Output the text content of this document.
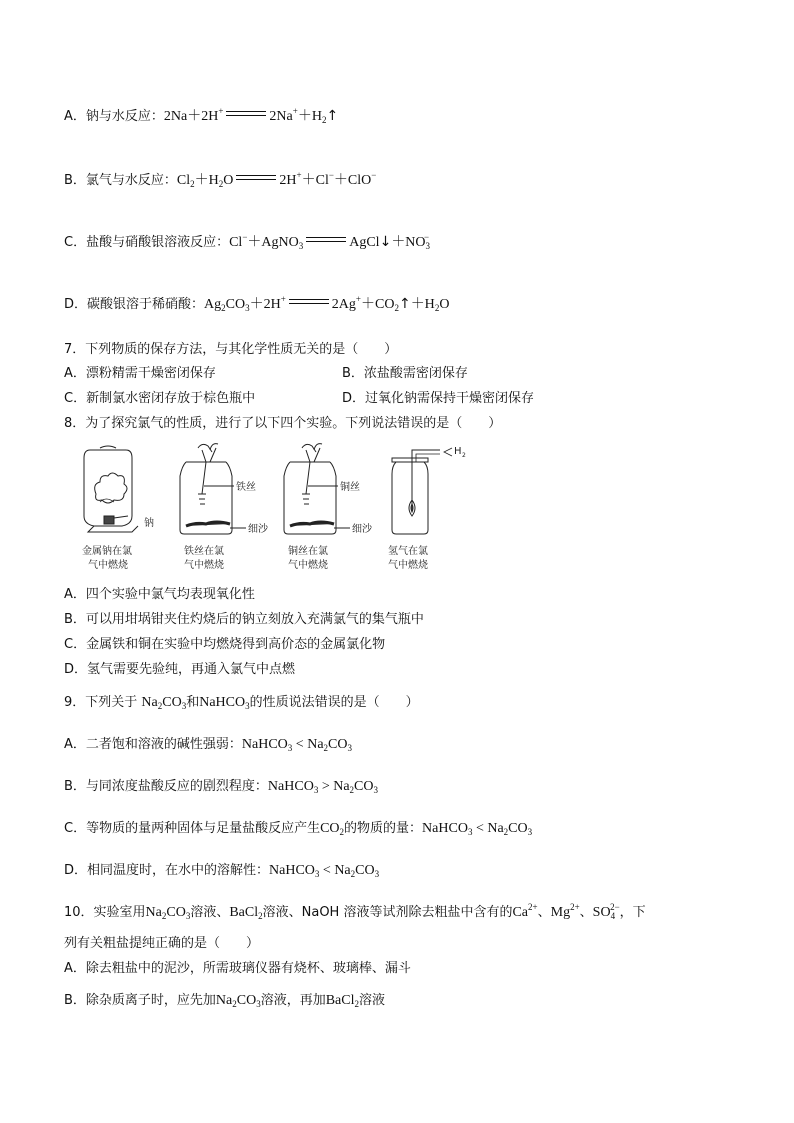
A．钠与水反应：2Na＋2H+	$2Na^++H_2↑$
B．氯气与水反应：$Cl_2+H_2O$	2H+＋Cl−＋ClO−
C．盐酸与硝酸银溶液反应：Cl−＋AgNO$_3$	$AgCl↓+NO_3^-$
D．碳酸银溶于稀硝酸：$Ag_2CO_3+2H^+$	$2Ag^++CO_2↑+H_2O$
7．下列物质的保存方法，与其化学性质无关的是（　　）
A．漂粉精需干燥密闭保存	B．浓盐酸需密闭保存
C．新制氯水密闭存放于棕色瓶中	D．过氧化钠需保持干燥密闭保存
8．为了探究氯气的性质，进行了以下四个实验。下列说法错误的是（　　）
钠
金属钠在氯
气中燃烧
铁丝
细沙
铁丝在氯
气中燃烧
铜丝
细沙
铜丝在氯
气中燃烧
H 2
氢气在氯
气中燃烧
A．四个实验中氯气均表现氧化性
B．可以用坩埚钳夹住灼烧后的钠立刻放入充满氯气的集气瓶中
C．金属铁和铜在实验中均燃烧得到高价态的金属氯化物
D．氢气需要先验纯，再通入氯气中点燃
9．下列关于 $Na_2CO_3$和NaHCO$_3$的性质说法错误的是（　　）
A．二者饱和溶液的碱性强弱：NaHCO$_3$ < $Na_2CO_3$
B．与同浓度盐酸反应的剧烈程度：NaHCO$_3$ > $Na_2CO_3$
C．等物质的量两种固体与足量盐酸反应产生$CO_2$的物质的量：NaHCO$_3$ < $Na_2CO_3$
D．相同温度时，在水中的溶解性：NaHCO$_3$ < $Na_2CO_3$
10．实验室用$Na_2CO_3$溶液、BaCl$_2$溶液、NaOH 溶液等试剂除去粗盐中含有的$Ca^{2+}$、$Mg^{2+}$、$SO_4^{2-}$，下
列有关粗盐提纯正确的是（　　）
A．除去粗盐中的泥沙，所需玻璃仪器有烧杯、玻璃棒、漏斗
B．除杂质离子时，应先加$Na_2CO_3$溶液，再加BaCl$_2$溶液
